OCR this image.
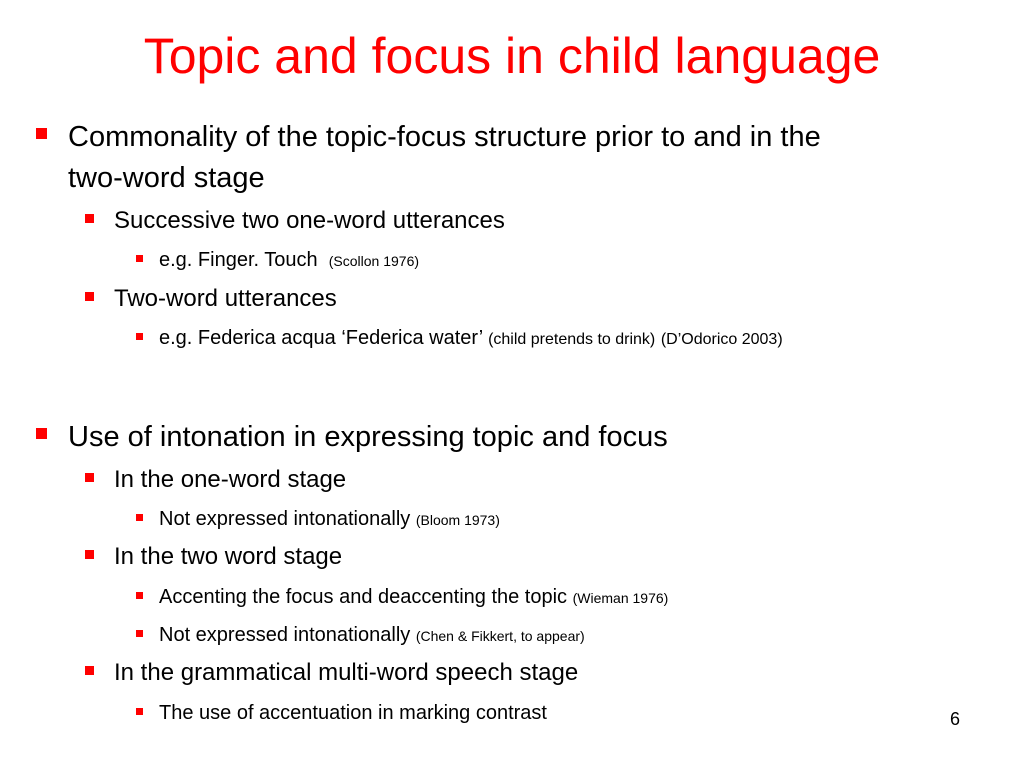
Topic and focus in child language
Commonality of the topic-focus structure prior to and in the
two-word stage
Successive two one-word utterances
e.g. Finger. Touch (Scollon 1976)
Two-word utterances
e.g. Federica acqua ‘Federica water’ (child pretends to drink) (D’Odorico 2003)
Use of intonation in expressing topic and focus
In the one-word stage
Not expressed intonationally (Bloom 1973)
In the two word stage
Accenting the focus and deaccenting the topic (Wieman 1976)
Not expressed intonationally (Chen & Fikkert, to appear)
In the grammatical multi-word speech stage
The use of accentuation in marking contrast	6
